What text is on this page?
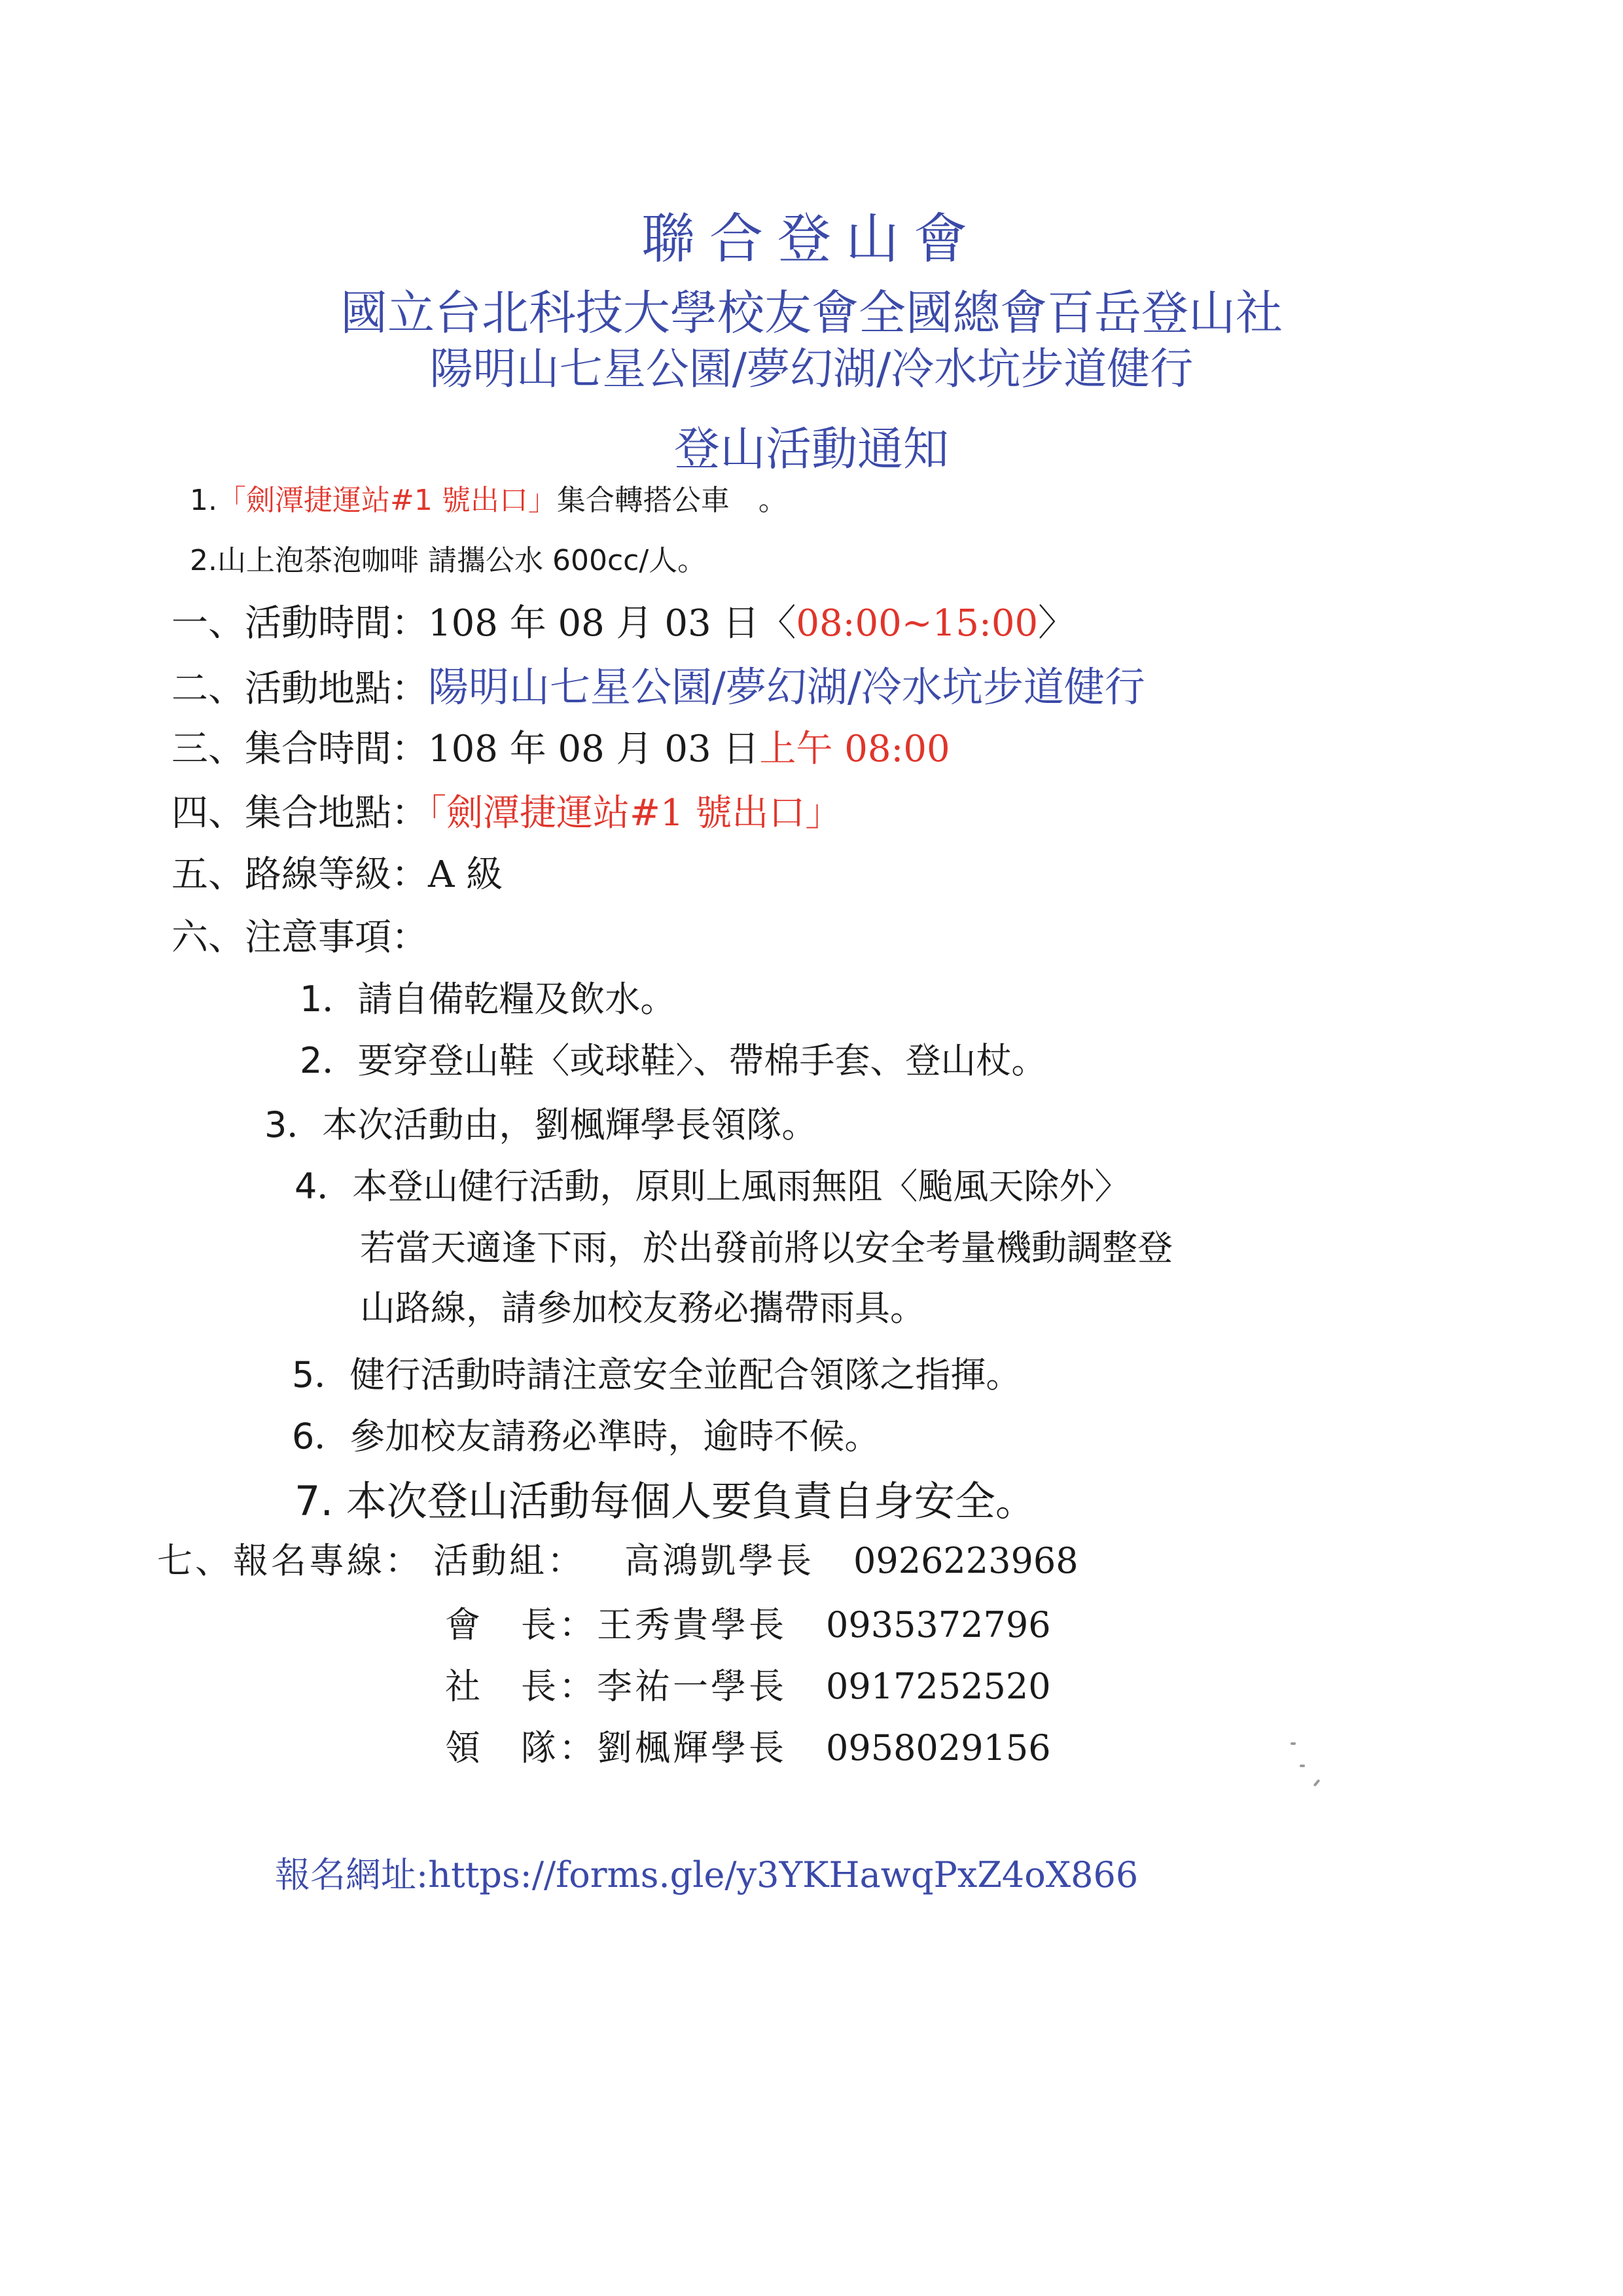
聯合登山會
國立台北科技大學校友會全國總會百岳登山社
陽明山七星公園/夢幻湖/冷水坑步道健行
登山活動通知
1.「劍潭捷運站#1 號出口」集合轉搭公車　。
2.山上泡茶泡咖啡 請攜公水 600cc/人。
一、活動時間：108 年 08 月 03 日〈08:00~15:00〉
二、活動地點：陽明山七星公園/夢幻湖/冷水坑步道健行
三、集合時間：108 年 08 月 03 日上午 08:00
四、集合地點：「劍潭捷運站#1 號出口」
五、路線等級：A 級
六、注意事項：
1．請自備乾糧及飲水。
2．要穿登山鞋〈或球鞋〉、帶棉手套、登山杖。
3．本次活動由，劉楓輝學長領隊。
4．本登山健行活動，原則上風雨無阻〈颱風天除外〉
若當天適逢下雨，於出發前將以安全考量機動調整登
山路線，請參加校友務必攜帶雨具。
5．健行活動時請注意安全並配合領隊之指揮。
6．參加校友請務必準時，逾時不候。
7. 本次登山活動每個人要負責自身安全。
七、報名專線： 活動組： 高鴻凱學長 0926223968
會　長：王秀貴學長 0935372796
社　長：李祐一學長 0917252520
領　隊：劉楓輝學長 0958029156
報名網址:https://forms.gle/y3YKHawqPxZ4oX866
